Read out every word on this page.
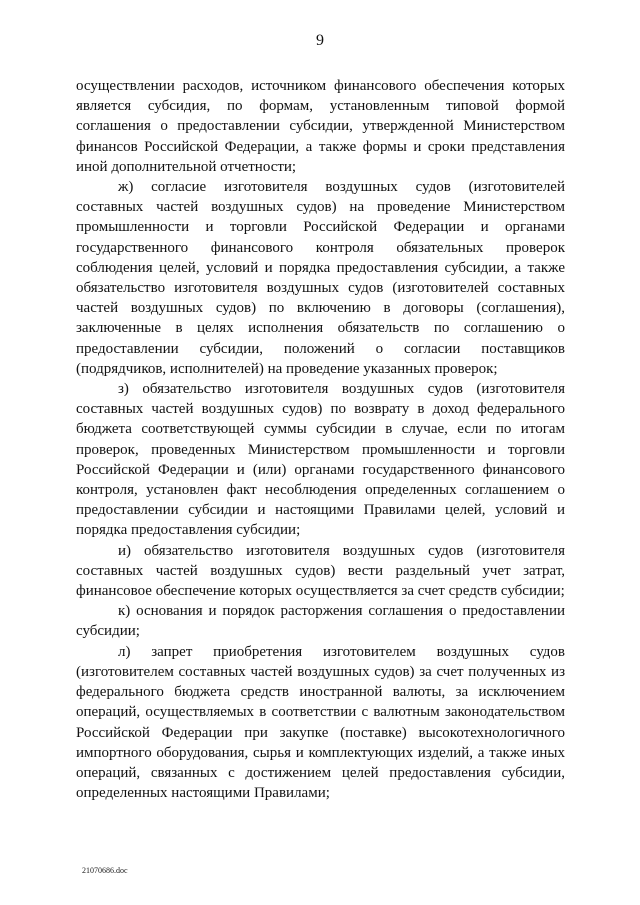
9

осуществлении расходов, источником финансового обеспечения которых является субсидия, по формам, установленным типовой формой соглашения о предоставлении субсидии, утвержденной Министерством финансов Российской Федерации, а также формы и сроки представления иной дополнительной отчетности;

ж) согласие изготовителя воздушных судов (изготовителей составных частей воздушных судов) на проведение Министерством промышленности и торговли Российской Федерации и органами государственного финансового контроля обязательных проверок соблюдения целей, условий и порядка предоставления субсидии, а также обязательство изготовителя воздушных судов (изготовителей составных частей воздушных судов) по включению в договоры (соглашения), заключенные в целях исполнения обязательств по соглашению о предоставлении субсидии, положений о согласии поставщиков (подрядчиков, исполнителей) на проведение указанных проверок;

з) обязательство изготовителя воздушных судов (изготовителя составных частей воздушных судов) по возврату в доход федерального бюджета соответствующей суммы субсидии в случае, если по итогам проверок, проведенных Министерством промышленности и торговли Российской Федерации и (или) органами государственного финансового контроля, установлен факт несоблюдения определенных соглашением о предоставлении субсидии и настоящими Правилами целей, условий и порядка предоставления субсидии;

и) обязательство изготовителя воздушных судов (изготовителя составных частей воздушных судов) вести раздельный учет затрат, финансовое обеспечение которых осуществляется за счет средств субсидии;

к) основания и порядок расторжения соглашения о предоставлении субсидии;

л) запрет приобретения изготовителем воздушных судов (изготовителем составных частей воздушных судов) за счет полученных из федерального бюджета средств иностранной валюты, за исключением операций, осуществляемых в соответствии с валютным законодательством Российской Федерации при закупке (поставке) высокотехнологичного импортного оборудования, сырья и комплектующих изделий, а также иных операций, связанных с достижением целей предоставления субсидии, определенных настоящими Правилами;

21070686.doc
